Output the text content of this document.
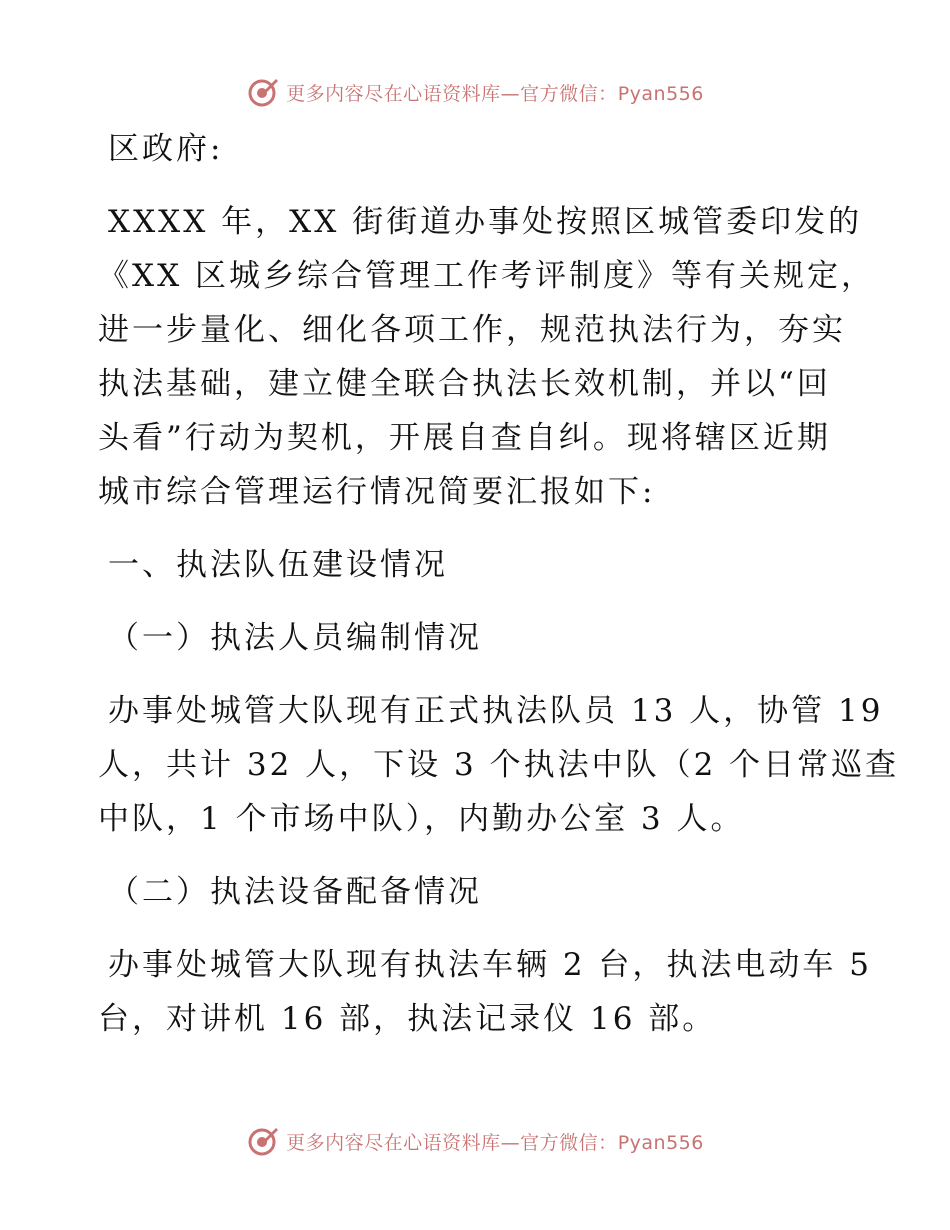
更多内容尽在心语资料库—官方微信：Pyan556
区政府:
XXXX 年，XX 街街道办事处按照区城管委印发的
《XX 区城乡综合管理工作考评制度》等有关规定，
进一步量化、细化各项工作，规范执法行为，夯实
执法基础，建立健全联合执法长效机制，并以“回
头看”行动为契机，开展自查自纠。现将辖区近期
城市综合管理运行情况简要汇报如下:
一、执法队伍建设情况
（一）执法人员编制情况
办事处城管大队现有正式执法队员 13 人，协管 19
人，共计 32 人，下设 3 个执法中队（2 个日常巡查
中队，1 个市场中队），内勤办公室 3 人。
（二）执法设备配备情况
办事处城管大队现有执法车辆 2 台，执法电动车 5
台，对讲机 16 部，执法记录仪 16 部。
更多内容尽在心语资料库—官方微信：Pyan556
